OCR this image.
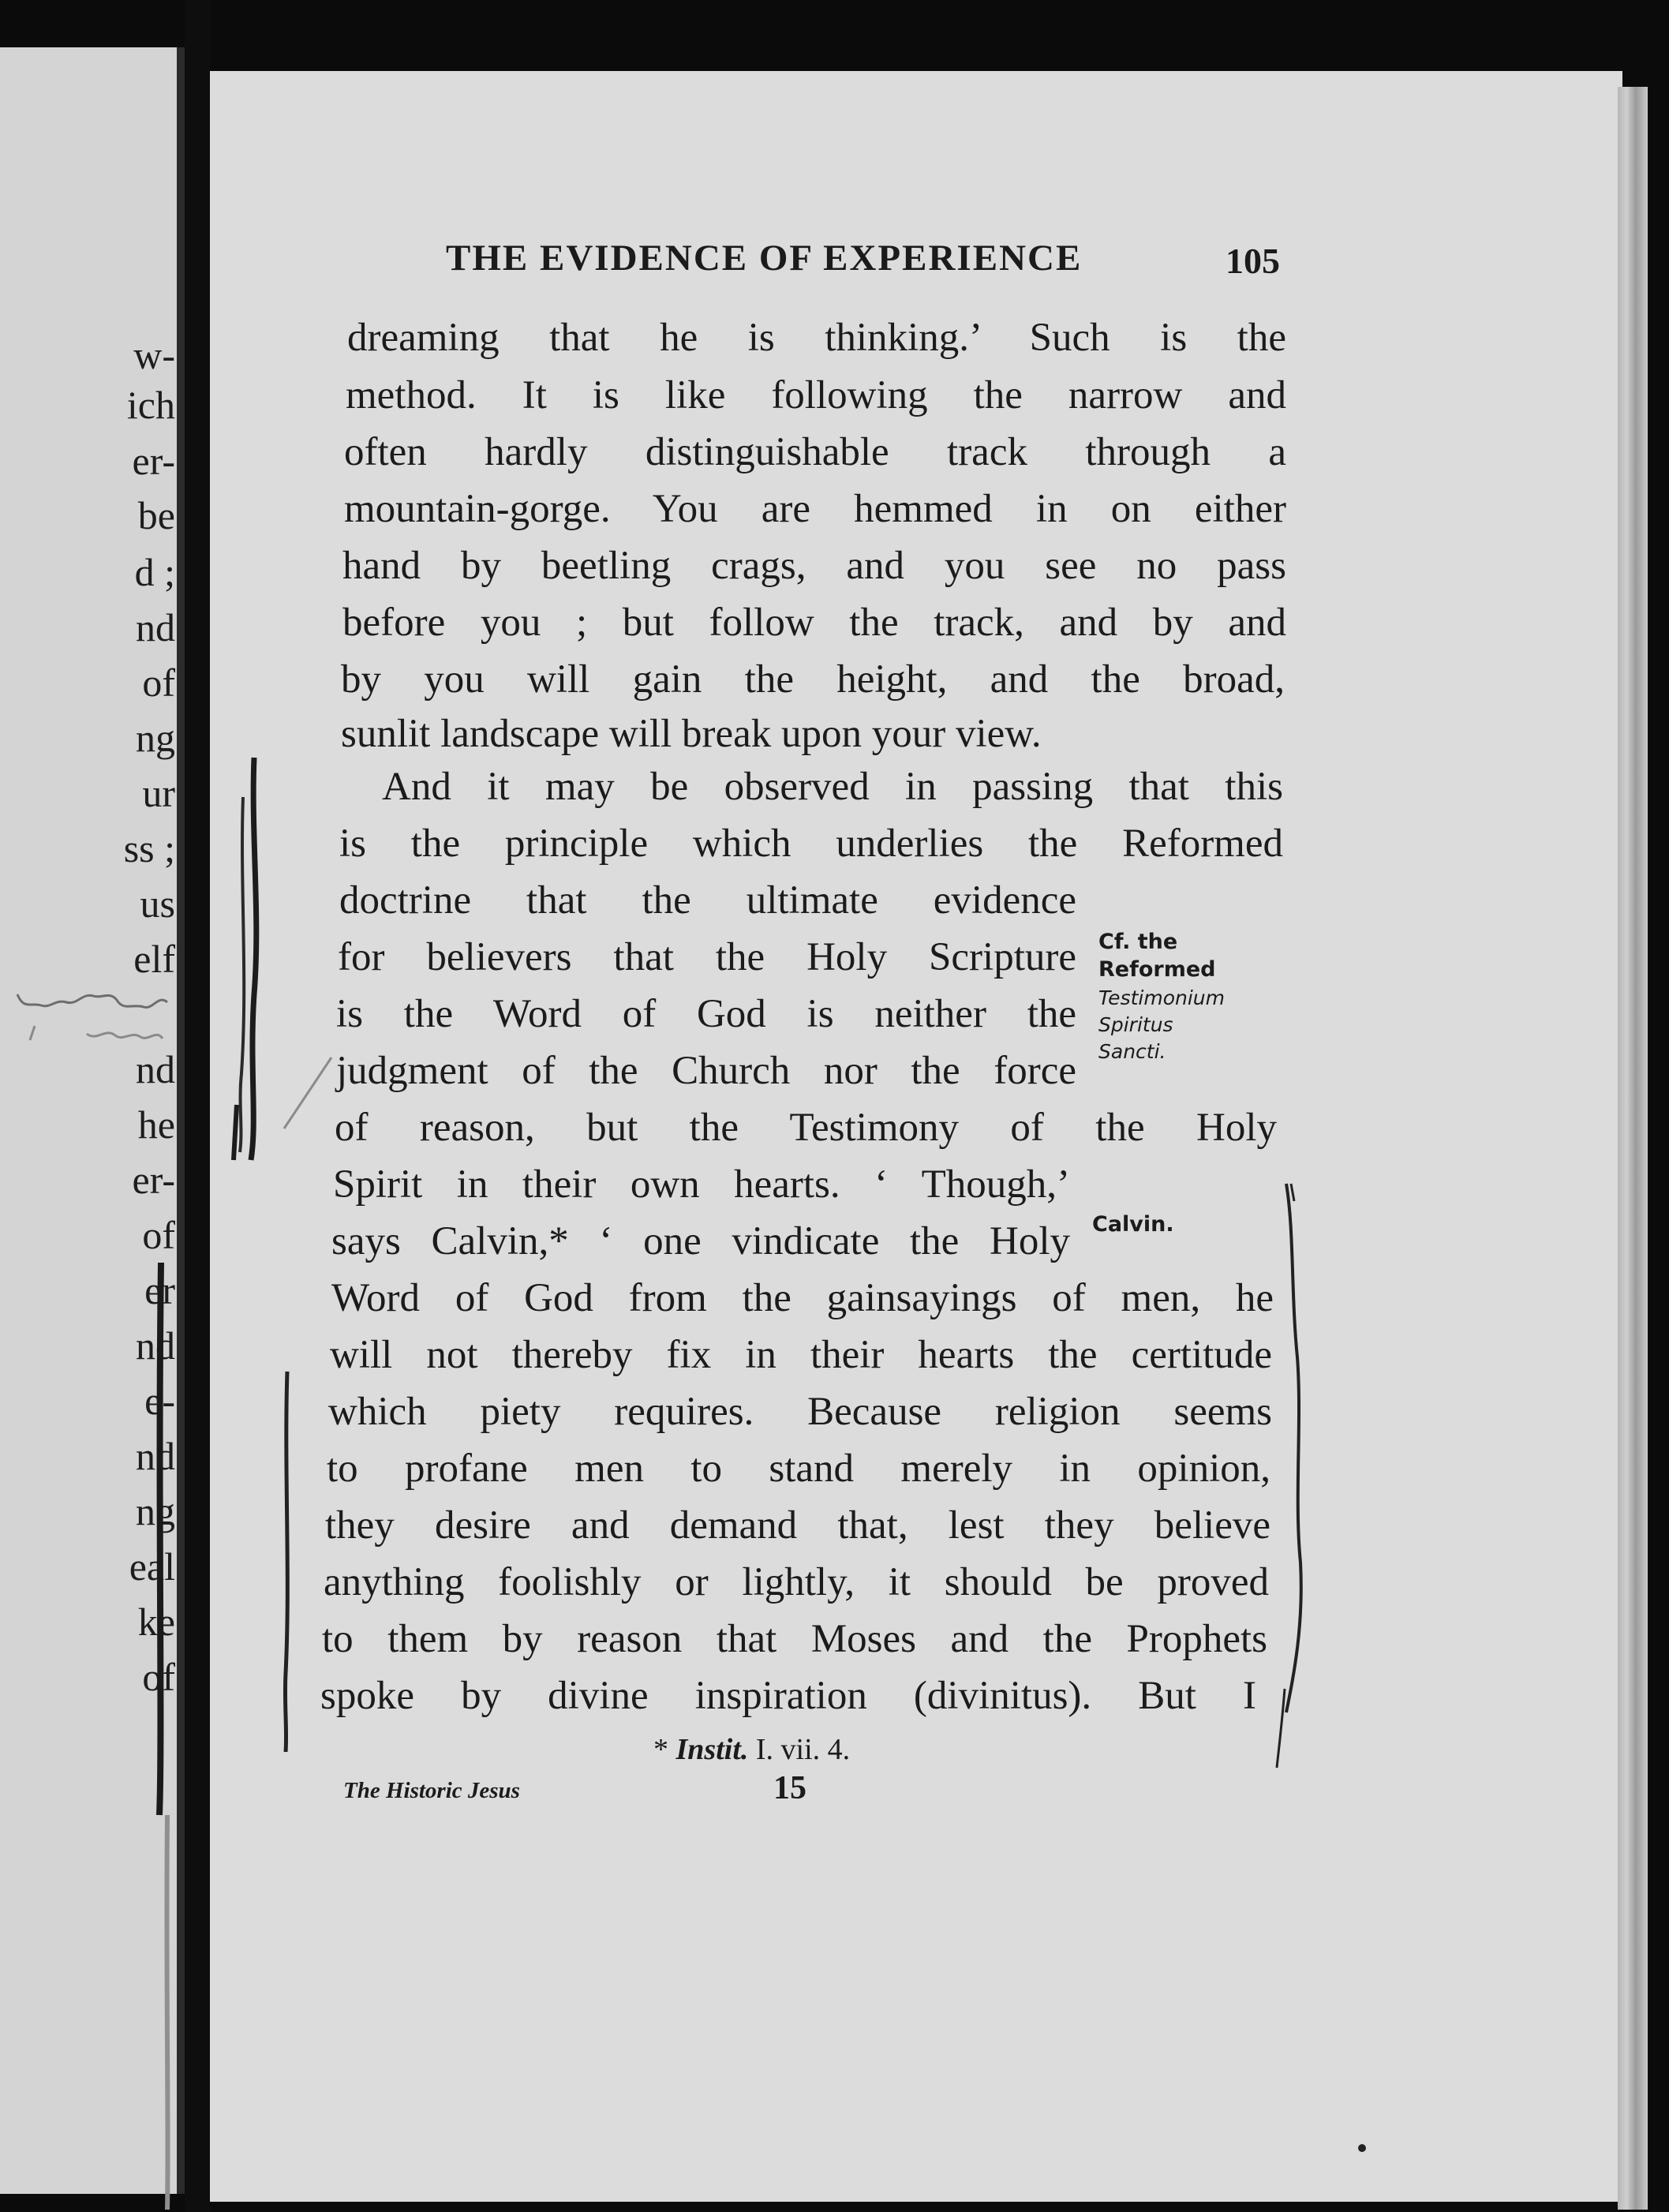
w-
ich
er-
be
d ;
nd
of
ng
ur
ss ;
us
elf
nd
he
er-
of
er
nd
e-
nd
ng
eal
ke
of
THE EVIDENCE OF EXPERIENCE	105
dreaming that he is thinking.’ Such is the
method. It is like following the narrow and
often hardly distinguishable track through a
mountain-gorge. You are hemmed in on either
hand by beetling crags, and you see no pass
before you ; but follow the track, and by and
by you will gain the height, and the broad,
sunlit landscape will break upon your view.
And it may be observed in passing that this
is the principle which underlies the Reformed
doctrine that the ultimate evidence
for believers that the Holy Scripture
is the Word of God is neither the
judgment of the Church nor the force
of reason, but the Testimony of the Holy
Spirit in their own hearts. ‘ Though,’
says Calvin,* ‘ one vindicate the Holy
Word of God from the gainsayings of men, he
will not thereby fix in their hearts the certitude
which piety requires. Because religion seems
to profane men to stand merely in opinion,
they desire and demand that, lest they believe
anything foolishly or lightly, it should be proved
to them by reason that Moses and the Prophets
spoke by divine inspiration (divinitus). But I
Cf. the
Reformed
Testimonium
Spiritus
Sancti.
Calvin.
* Instit. I. vii. 4.
The Historic Jesus	15
